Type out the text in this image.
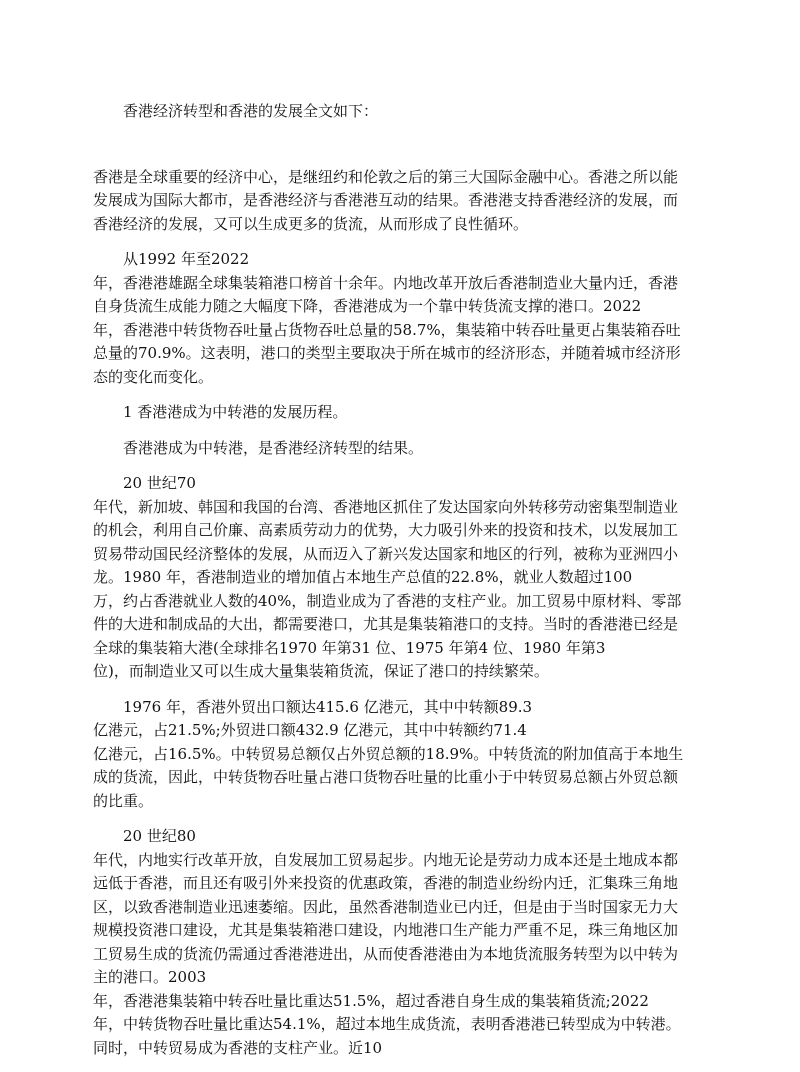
香港经济转型和香港的发展全文如下：

香港是全球重要的经济中心，是继纽约和伦敦之后的第三大国际金融中心。香港之所以能
发展成为国际大都市，是香港经济与香港港互动的结果。香港港支持香港经济的发展，而
香港经济的发展，又可以生成更多的货流，从而形成了良性循环。

从1992 年至2022
年，香港港雄踞全球集装箱港口榜首十余年。内地改革开放后香港制造业大量内迁，香港
自身货流生成能力随之大幅度下降，香港港成为一个靠中转货流支撑的港口。2022
年，香港港中转货物吞吐量占货物吞吐总量的58.7%，集装箱中转吞吐量更占集装箱吞吐
总量的70.9%。这表明，港口的类型主要取决于所在城市的经济形态，并随着城市经济形
态的变化而变化。

1 香港港成为中转港的发展历程。

香港港成为中转港，是香港经济转型的结果。

20 世纪70
年代，新加坡、韩国和我国的台湾、香港地区抓住了发达国家向外转移劳动密集型制造业
的机会，利用自己价廉、高素质劳动力的优势，大力吸引外来的投资和技术，以发展加工
贸易带动国民经济整体的发展，从而迈入了新兴发达国家和地区的行列，被称为亚洲四小
龙。1980 年，香港制造业的增加值占本地生产总值的22.8%，就业人数超过100
万，约占香港就业人数的40%，制造业成为了香港的支柱产业。加工贸易中原材料、零部
件的大进和制成品的大出，都需要港口，尤其是集装箱港口的支持。当时的香港港已经是
全球的集装箱大港(全球排名1970 年第31 位、1975 年第4 位、1980 年第3
位)，而制造业又可以生成大量集装箱货流，保证了港口的持续繁荣。

1976 年，香港外贸出口额达415.6 亿港元，其中中转额89.3
亿港元，占21.5%;外贸进口额432.9 亿港元，其中中转额约71.4
亿港元，占16.5%。中转贸易总额仅占外贸总额的18.9%。中转货流的附加值高于本地生
成的货流，因此，中转货物吞吐量占港口货物吞吐量的比重小于中转贸易总额占外贸总额
的比重。

20 世纪80
年代，内地实行改革开放，自发展加工贸易起步。内地无论是劳动力成本还是土地成本都
远低于香港，而且还有吸引外来投资的优惠政策，香港的制造业纷纷内迁，汇集珠三角地
区，以致香港制造业迅速萎缩。因此，虽然香港制造业已内迁，但是由于当时国家无力大
规模投资港口建设，尤其是集装箱港口建设，内地港口生产能力严重不足，珠三角地区加
工贸易生成的货流仍需通过香港港进出，从而使香港港由为本地货流服务转型为以中转为
主的港口。2003
年，香港港集装箱中转吞吐量比重达51.5%，超过香港自身生成的集装箱货流;2022
年，中转货物吞吐量比重达54.1%，超过本地生成货流，表明香港港已转型成为中转港。
同时，中转贸易成为香港的支柱产业。近10
